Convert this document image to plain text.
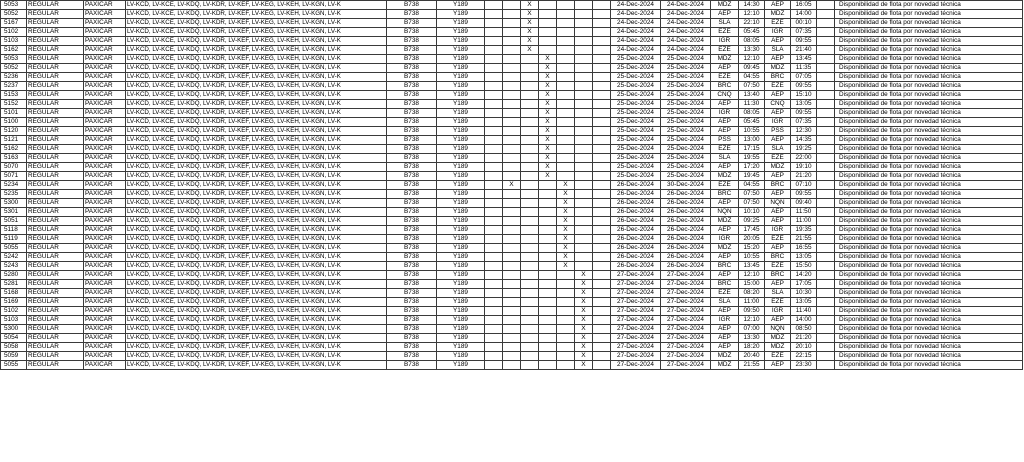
5053	REGULAR	PAXICAR	LV-KCD, LV-KCE, LV-KDQ, LV-KDR, LV-KEF, LV-KEG, LV-KEH, LV-KGN, LV-K	B738	Y189			X					24-Dec-2024	24-Dec-2024	MDZ	14:30	AEP	16:05		Disponibilidad de flota por novedad técnica
5052	REGULAR	PAXICAR	LV-KCD, LV-KCE, LV-KDQ, LV-KDR, LV-KEF, LV-KEG, LV-KEH, LV-KGN, LV-K	B738	Y189			X					24-Dec-2024	24-Dec-2024	AEP	12:10	MDZ	14:00		Disponibilidad de flota por novedad técnica
5167	REGULAR	PAXICAR	LV-KCD, LV-KCE, LV-KDQ, LV-KDR, LV-KEF, LV-KEG, LV-KEH, LV-KGN, LV-K	B738	Y189			X					24-Dec-2024	24-Dec-2024	SLA	22:10	EZE	00:10		Disponibilidad de flota por novedad técnica
5102	REGULAR	PAXICAR	LV-KCD, LV-KCE, LV-KDQ, LV-KDR, LV-KEF, LV-KEG, LV-KEH, LV-KGN, LV-K	B738	Y189			X					24-Dec-2024	24-Dec-2024	EZE	05:45	IGR	07:35		Disponibilidad de flota por novedad técnica
5103	REGULAR	PAXICAR	LV-KCD, LV-KCE, LV-KDQ, LV-KDR, LV-KEF, LV-KEG, LV-KEH, LV-KGN, LV-K	B738	Y189			X					24-Dec-2024	24-Dec-2024	IGR	08:05	AEP	09:55		Disponibilidad de flota por novedad técnica
5162	REGULAR	PAXICAR	LV-KCD, LV-KCE, LV-KDQ, LV-KDR, LV-KEF, LV-KEG, LV-KEH, LV-KGN, LV-K	B738	Y189			X					24-Dec-2024	24-Dec-2024	EZE	13:30	SLA	21:40		Disponibilidad de flota por novedad técnica
5053	REGULAR	PAXICAR	LV-KCD, LV-KCE, LV-KDQ, LV-KDR, LV-KEF, LV-KEG, LV-KEH, LV-KGN, LV-K	B738	Y189				X				25-Dec-2024	25-Dec-2024	MDZ	12:10	AEP	13:45		Disponibilidad de flota por novedad técnica
5052	REGULAR	PAXICAR	LV-KCD, LV-KCE, LV-KDQ, LV-KDR, LV-KEF, LV-KEG, LV-KEH, LV-KGN, LV-K	B738	Y189				X				25-Dec-2024	25-Dec-2024	AEP	09:45	MDZ	11:35		Disponibilidad de flota por novedad técnica
5236	REGULAR	PAXICAR	LV-KCD, LV-KCE, LV-KDQ, LV-KDR, LV-KEF, LV-KEG, LV-KEH, LV-KGN, LV-K	B738	Y189				X				25-Dec-2024	25-Dec-2024	EZE	04:55	BRC	07:05		Disponibilidad de flota por novedad técnica
5237	REGULAR	PAXICAR	LV-KCD, LV-KCE, LV-KDQ, LV-KDR, LV-KEF, LV-KEG, LV-KEH, LV-KGN, LV-K	B738	Y189				X				25-Dec-2024	25-Dec-2024	BRC	07:50	EZE	09:55		Disponibilidad de flota por novedad técnica
5153	REGULAR	PAXICAR	LV-KCD, LV-KCE, LV-KDQ, LV-KDR, LV-KEF, LV-KEG, LV-KEH, LV-KGN, LV-K	B738	Y189				X				25-Dec-2024	25-Dec-2024	CNQ	13:40	AEP	15:10		Disponibilidad de flota por novedad técnica
5152	REGULAR	PAXICAR	LV-KCD, LV-KCE, LV-KDQ, LV-KDR, LV-KEF, LV-KEG, LV-KEH, LV-KGN, LV-K	B738	Y189				X				25-Dec-2024	25-Dec-2024	AEP	11:30	CNQ	13:05		Disponibilidad de flota por novedad técnica
5101	REGULAR	PAXICAR	LV-KCD, LV-KCE, LV-KDQ, LV-KDR, LV-KEF, LV-KEG, LV-KEH, LV-KGN, LV-K	B738	Y189				X				25-Dec-2024	25-Dec-2024	IGR	08:05	AEP	09:55		Disponibilidad de flota por novedad técnica
5100	REGULAR	PAXICAR	LV-KCD, LV-KCE, LV-KDQ, LV-KDR, LV-KEF, LV-KEG, LV-KEH, LV-KGN, LV-K	B738	Y189				X				25-Dec-2024	25-Dec-2024	AEP	05:45	IGR	07:35		Disponibilidad de flota por novedad técnica
5120	REGULAR	PAXICAR	LV-KCD, LV-KCE, LV-KDQ, LV-KDR, LV-KEF, LV-KEG, LV-KEH, LV-KGN, LV-K	B738	Y189				X				25-Dec-2024	25-Dec-2024	AEP	10:55	PSS	12:30		Disponibilidad de flota por novedad técnica
5121	REGULAR	PAXICAR	LV-KCD, LV-KCE, LV-KDQ, LV-KDR, LV-KEF, LV-KEG, LV-KEH, LV-KGN, LV-K	B738	Y189				X				25-Dec-2024	25-Dec-2024	PSS	13:00	AEP	14:35		Disponibilidad de flota por novedad técnica
5162	REGULAR	PAXICAR	LV-KCD, LV-KCE, LV-KDQ, LV-KDR, LV-KEF, LV-KEG, LV-KEH, LV-KGN, LV-K	B738	Y189				X				25-Dec-2024	25-Dec-2024	EZE	17:15	SLA	19:25		Disponibilidad de flota por novedad técnica
5163	REGULAR	PAXICAR	LV-KCD, LV-KCE, LV-KDQ, LV-KDR, LV-KEF, LV-KEG, LV-KEH, LV-KGN, LV-K	B738	Y189				X				25-Dec-2024	25-Dec-2024	SLA	19:55	EZE	22:00		Disponibilidad de flota por novedad técnica
5070	REGULAR	PAXICAR	LV-KCD, LV-KCE, LV-KDQ, LV-KDR, LV-KEF, LV-KEG, LV-KEH, LV-KGN, LV-K	B738	Y189				X				25-Dec-2024	25-Dec-2024	AEP	17:20	MDZ	19:10		Disponibilidad de flota por novedad técnica
5071	REGULAR	PAXICAR	LV-KCD, LV-KCE, LV-KDQ, LV-KDR, LV-KEF, LV-KEG, LV-KEH, LV-KGN, LV-K	B738	Y189				X				25-Dec-2024	25-Dec-2024	MDZ	19:45	AEP	21:20		Disponibilidad de flota por novedad técnica
5234	REGULAR	PAXICAR	LV-KCD, LV-KCE, LV-KDQ, LV-KDR, LV-KEF, LV-KEG, LV-KEH, LV-KGN, LV-K	B738	Y189		X			X			26-Dec-2024	30-Dec-2024	EZE	04:55	BRC	07:10		Disponibilidad de flota por novedad técnica
5235	REGULAR	PAXICAR	LV-KCD, LV-KCE, LV-KDQ, LV-KDR, LV-KEF, LV-KEG, LV-KEH, LV-KGN, LV-K	B738	Y189					X			26-Dec-2024	26-Dec-2024	BRC	07:50	AEP	09:55		Disponibilidad de flota por novedad técnica
5300	REGULAR	PAXICAR	LV-KCD, LV-KCE, LV-KDQ, LV-KDR, LV-KEF, LV-KEG, LV-KEH, LV-KGN, LV-K	B738	Y189					X			26-Dec-2024	26-Dec-2024	AEP	07:50	NQN	09:40		Disponibilidad de flota por novedad técnica
5301	REGULAR	PAXICAR	LV-KCD, LV-KCE, LV-KDQ, LV-KDR, LV-KEF, LV-KEG, LV-KEH, LV-KGN, LV-K	B738	Y189					X			26-Dec-2024	26-Dec-2024	NQN	10:10	AEP	11:50		Disponibilidad de flota por novedad técnica
5051	REGULAR	PAXICAR	LV-KCD, LV-KCE, LV-KDQ, LV-KDR, LV-KEF, LV-KEG, LV-KEH, LV-KGN, LV-K	B738	Y189					X			26-Dec-2024	26-Dec-2024	MDZ	09:25	AEP	11:00		Disponibilidad de flota por novedad técnica
5118	REGULAR	PAXICAR	LV-KCD, LV-KCE, LV-KDQ, LV-KDR, LV-KEF, LV-KEG, LV-KEH, LV-KGN, LV-K	B738	Y189					X			26-Dec-2024	26-Dec-2024	AEP	17:45	IGR	19:35		Disponibilidad de flota por novedad técnica
5119	REGULAR	PAXICAR	LV-KCD, LV-KCE, LV-KDQ, LV-KDR, LV-KEF, LV-KEG, LV-KEH, LV-KGN, LV-K	B738	Y189					X			26-Dec-2024	26-Dec-2024	IGR	20:05	EZE	21:55		Disponibilidad de flota por novedad técnica
5055	REGULAR	PAXICAR	LV-KCD, LV-KCE, LV-KDQ, LV-KDR, LV-KEF, LV-KEG, LV-KEH, LV-KGN, LV-K	B738	Y189					X			26-Dec-2024	26-Dec-2024	MDZ	15:20	AEP	16:55		Disponibilidad de flota por novedad técnica
5242	REGULAR	PAXICAR	LV-KCD, LV-KCE, LV-KDQ, LV-KDR, LV-KEF, LV-KEG, LV-KEH, LV-KGN, LV-K	B738	Y189					X			26-Dec-2024	26-Dec-2024	AEP	10:55	BRC	13:05		Disponibilidad de flota por novedad técnica
5243	REGULAR	PAXICAR	LV-KCD, LV-KCE, LV-KDQ, LV-KDR, LV-KEF, LV-KEG, LV-KEH, LV-KGN, LV-K	B738	Y189					X			26-Dec-2024	26-Dec-2024	BRC	13:45	EZE	15:50		Disponibilidad de flota por novedad técnica
5280	REGULAR	PAXICAR	LV-KCD, LV-KCE, LV-KDQ, LV-KDR, LV-KEF, LV-KEG, LV-KEH, LV-KGN, LV-K	B738	Y189						X		27-Dec-2024	27-Dec-2024	AEP	12:10	BRC	14:20		Disponibilidad de flota por novedad técnica
5281	REGULAR	PAXICAR	LV-KCD, LV-KCE, LV-KDQ, LV-KDR, LV-KEF, LV-KEG, LV-KEH, LV-KGN, LV-K	B738	Y189						X		27-Dec-2024	27-Dec-2024	BRC	15:00	AEP	17:05		Disponibilidad de flota por novedad técnica
5168	REGULAR	PAXICAR	LV-KCD, LV-KCE, LV-KDQ, LV-KDR, LV-KEF, LV-KEG, LV-KEH, LV-KGN, LV-K	B738	Y189						X		27-Dec-2024	27-Dec-2024	EZE	08:20	SLA	10:30		Disponibilidad de flota por novedad técnica
5169	REGULAR	PAXICAR	LV-KCD, LV-KCE, LV-KDQ, LV-KDR, LV-KEF, LV-KEG, LV-KEH, LV-KGN, LV-K	B738	Y189						X		27-Dec-2024	27-Dec-2024	SLA	11:00	EZE	13:05		Disponibilidad de flota por novedad técnica
5102	REGULAR	PAXICAR	LV-KCD, LV-KCE, LV-KDQ, LV-KDR, LV-KEF, LV-KEG, LV-KEH, LV-KGN, LV-K	B738	Y189						X		27-Dec-2024	27-Dec-2024	AEP	09:50	IGR	11:40		Disponibilidad de flota por novedad técnica
5103	REGULAR	PAXICAR	LV-KCD, LV-KCE, LV-KDQ, LV-KDR, LV-KEF, LV-KEG, LV-KEH, LV-KGN, LV-K	B738	Y189						X		27-Dec-2024	27-Dec-2024	IGR	12:10	AEP	14:00		Disponibilidad de flota por novedad técnica
5300	REGULAR	PAXICAR	LV-KCD, LV-KCE, LV-KDQ, LV-KDR, LV-KEF, LV-KEG, LV-KEH, LV-KGN, LV-K	B738	Y189						X		27-Dec-2024	27-Dec-2024	AEP	07:00	NQN	08:50		Disponibilidad de flota por novedad técnica
5054	REGULAR	PAXICAR	LV-KCD, LV-KCE, LV-KDQ, LV-KDR, LV-KEF, LV-KEG, LV-KEH, LV-KGN, LV-K	B738	Y189						X		27-Dec-2024	27-Dec-2024	AEP	13:30	MDZ	21:20		Disponibilidad de flota por novedad técnica
5058	REGULAR	PAXICAR	LV-KCD, LV-KCE, LV-KDQ, LV-KDR, LV-KEF, LV-KEG, LV-KEH, LV-KGN, LV-K	B738	Y189						X		27-Dec-2024	27-Dec-2024	AEP	18:20	MDZ	20:10		Disponibilidad de flota por novedad técnica
5059	REGULAR	PAXICAR	LV-KCD, LV-KCE, LV-KDQ, LV-KDR, LV-KEF, LV-KEG, LV-KEH, LV-KGN, LV-K	B738	Y189						X		27-Dec-2024	27-Dec-2024	MDZ	20:40	EZE	22:15		Disponibilidad de flota por novedad técnica
5055	REGULAR	PAXICAR	LV-KCD, LV-KCE, LV-KDQ, LV-KDR, LV-KEF, LV-KEG, LV-KEH, LV-KGN, LV-K	B738	Y189						X		27-Dec-2024	27-Dec-2024	MDZ	21:55	AEP	23:30		Disponibilidad de flota por novedad técnica
